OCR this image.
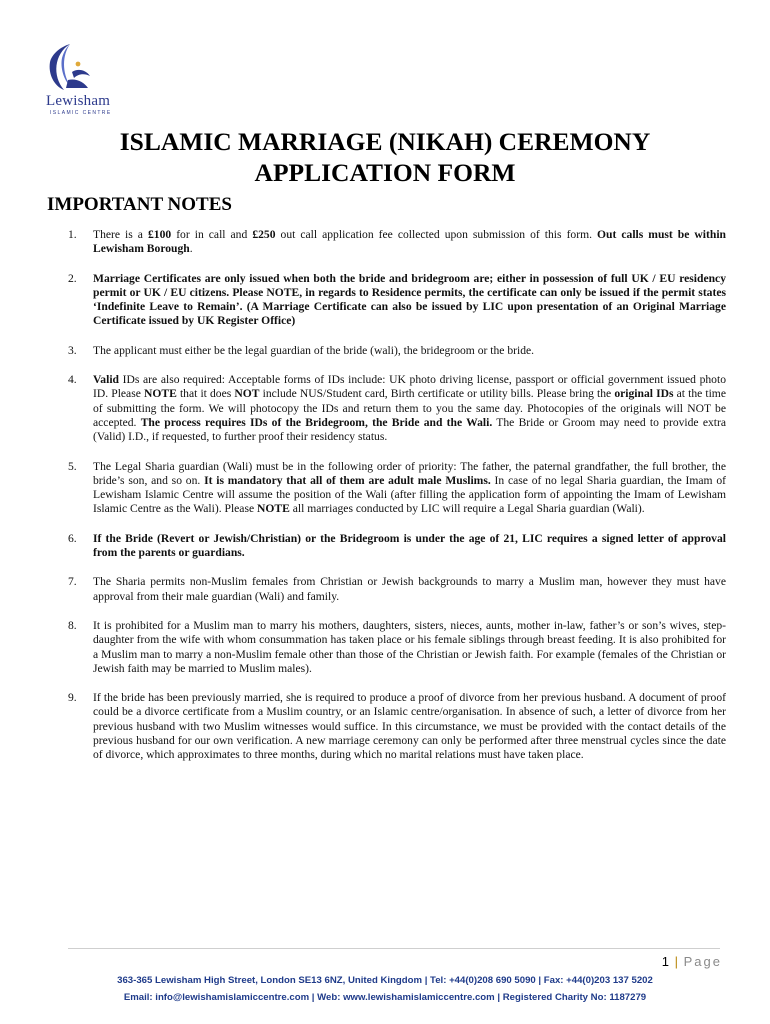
Lewisham
ISLAMIC CENTRE
ISLAMIC MARRIAGE (NIKAH) CEREMONY
APPLICATION FORM
IMPORTANT NOTES
1. There is a £100 for in call and £250 out call application fee collected upon submission of this form. Out calls must be within Lewisham Borough.
2. Marriage Certificates are only issued when both the bride and bridegroom are; either in possession of full UK / EU residency permit or UK / EU citizens. Please NOTE, in regards to Residence permits, the certificate can only be issued if the permit states ‘Indefinite Leave to Remain’. (A Marriage Certificate can also be issued by LIC upon presentation of an Original Marriage Certificate issued by UK Register Office)
3. The applicant must either be the legal guardian of the bride (wali), the bridegroom or the bride.
4. Valid IDs are also required: Acceptable forms of IDs include: UK photo driving license, passport or official government issued photo ID. Please NOTE that it does NOT include NUS/Student card, Birth certificate or utility bills. Please bring the original IDs at the time of submitting the form. We will photocopy the IDs and return them to you the same day. Photocopies of the originals will NOT be accepted. The process requires IDs of the Bridegroom, the Bride and the Wali. The Bride or Groom may need to provide extra (Valid) I.D., if requested, to further proof their residency status.
5. The Legal Sharia guardian (Wali) must be in the following order of priority: The father, the paternal grandfather, the full brother, the bride’s son, and so on. It is mandatory that all of them are adult male Muslims. In case of no legal Sharia guardian, the Imam of Lewisham Islamic Centre will assume the position of the Wali (after filling the application form of appointing the Imam of Lewisham Islamic Centre as the Wali). Please NOTE all marriages conducted by LIC will require a Legal Sharia guardian (Wali).
6. If the Bride (Revert or Jewish/Christian) or the Bridegroom is under the age of 21, LIC requires a signed letter of approval from the parents or guardians.
7. The Sharia permits non-Muslim females from Christian or Jewish backgrounds to marry a Muslim man, however they must have approval from their male guardian (Wali) and family.
8. It is prohibited for a Muslim man to marry his mothers, daughters, sisters, nieces, aunts, mother in-law, father’s or son’s wives, step-daughter from the wife with whom consummation has taken place or his female siblings through breast feeding. It is also prohibited for a Muslim man to marry a non-Muslim female other than those of the Christian or Jewish faith. For example (females of the Christian or Jewish faith may be married to Muslim males).
9. If the bride has been previously married, she is required to produce a proof of divorce from her previous husband. A document of proof could be a divorce certificate from a Muslim country, or an Islamic centre/organisation. In absence of such, a letter of divorce from her previous husband with two Muslim witnesses would suffice. In this circumstance, we must be provided with the contact details of the previous husband for our own verification. A new marriage ceremony can only be performed after three menstrual cycles since the date of divorce, which approximates to three months, during which no marital relations must have taken place.
1 | Page
363-365 Lewisham High Street, London SE13 6NZ, United Kingdom | Tel: +44(0)208 690 5090 | Fax: +44(0)203 137 5202
Email: info@lewishamislamiccentre.com | Web: www.lewishamislamiccentre.com | Registered Charity No: 1187279
